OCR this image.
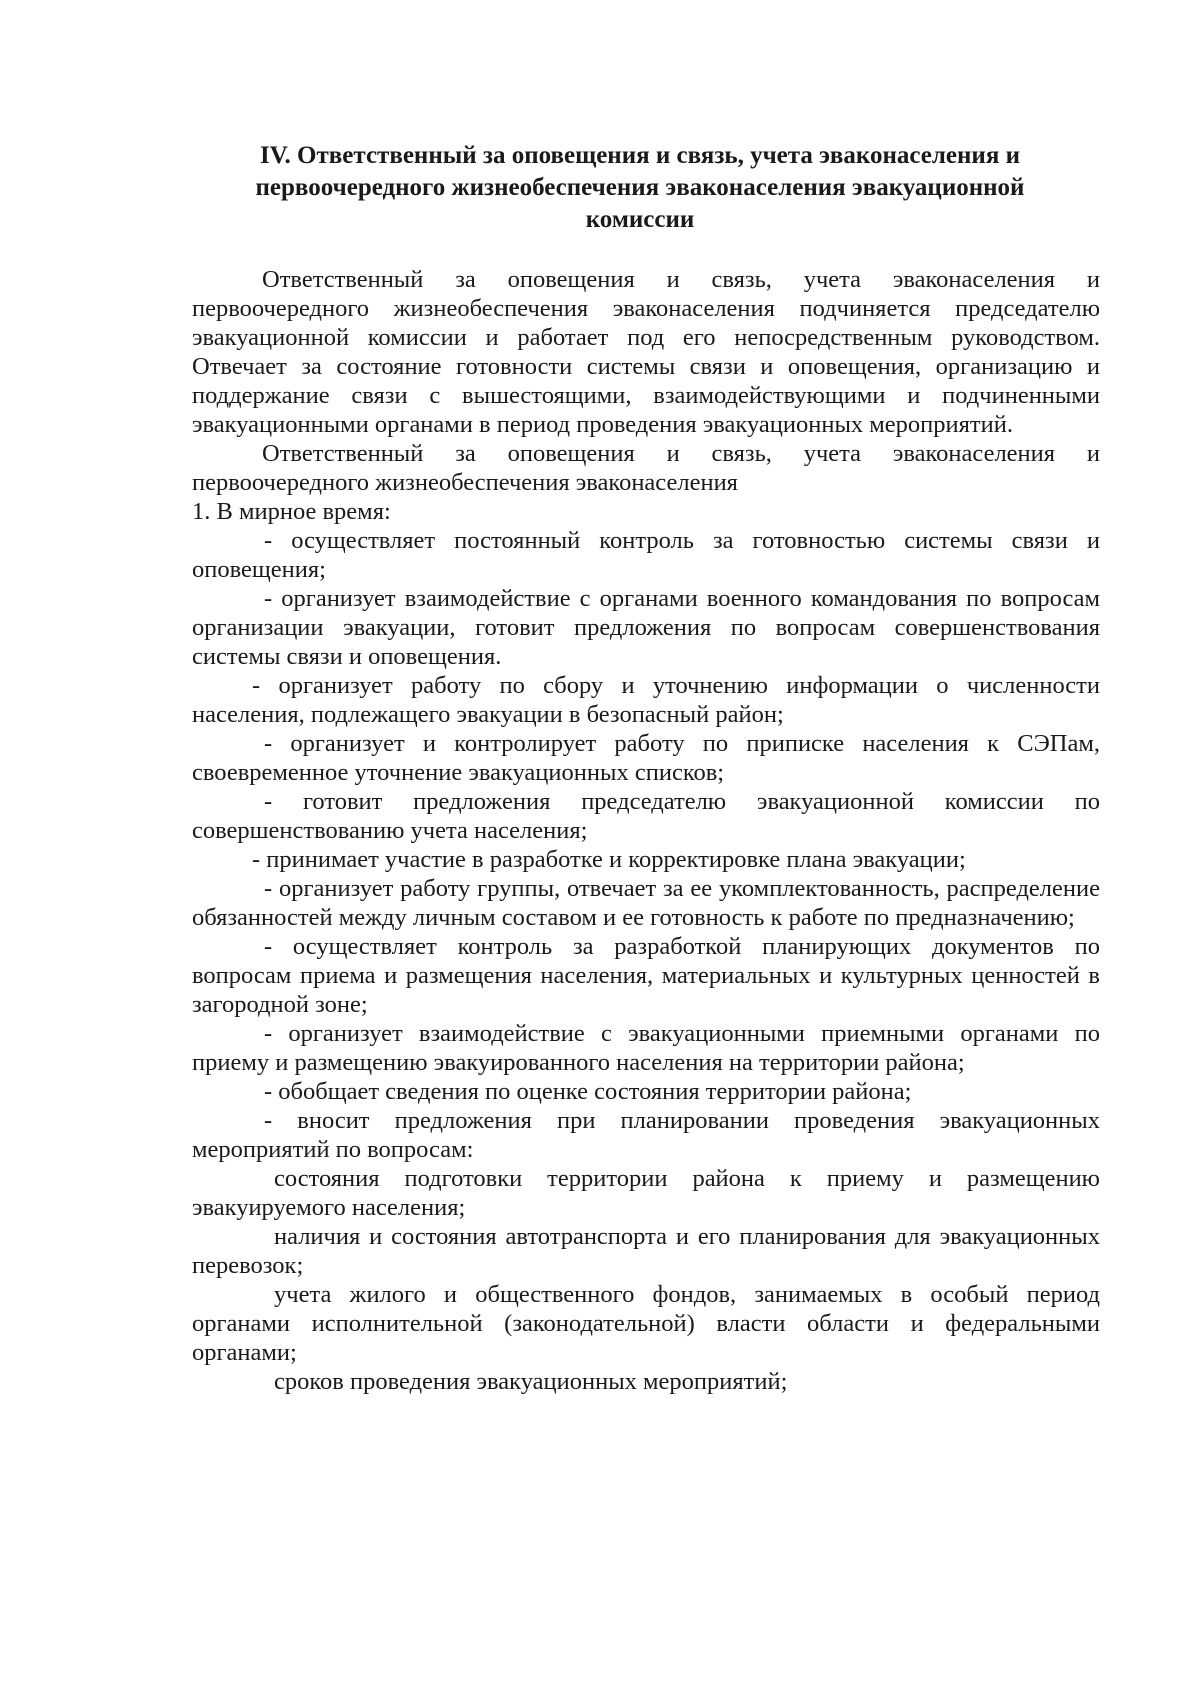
IV. Ответственный за оповещения и связь, учета эваконаселения и
первоочередного жизнеобеспечения эваконаселения эвакуационной
комиссии

Ответственный за оповещения и связь, учета эваконаселения и первоочередного жизнеобеспечения эваконаселения подчиняется председателю эвакуационной комиссии и работает под его непосредственным руководством. Отвечает за состояние готовности системы связи и оповещения, организацию и поддержание связи с вышестоящими, взаимодействующими и подчиненными эвакуационными органами в период проведения эвакуационных мероприятий.

Ответственный за оповещения и связь, учета эваконаселения и первоочередного жизнеобеспечения эваконаселения

1. В мирное время:

- осуществляет постоянный контроль за готовностью системы связи и оповещения;

- организует взаимодействие с органами военного командования по вопросам организации эвакуации, готовит предложения по вопросам совершенствования системы связи и оповещения.

- организует работу по сбору и уточнению информации о численности населения, подлежащего эвакуации в безопасный район;

- организует и контролирует работу по приписке населения к СЭПам, своевременное уточнение эвакуационных списков;

- готовит предложения председателю эвакуационной комиссии по совершенствованию учета населения;

- принимает участие в разработке и корректировке плана эвакуации;

- организует работу группы, отвечает за ее укомплектованность, распределение обязанностей между личным составом и ее готовность к работе по предназначению;

- осуществляет контроль за разработкой планирующих документов по вопросам приема и размещения населения, материальных и культурных ценностей в загородной зоне;

- организует взаимодействие с эвакуационными приемными органами по приему и размещению эвакуированного населения на территории района;

- обобщает сведения по оценке состояния территории района;

- вносит предложения при планировании проведения эвакуационных мероприятий по вопросам:

состояния подготовки территории района к приему и размещению эвакуируемого населения;

наличия и состояния автотранспорта и его планирования для эвакуационных перевозок;

учета жилого и общественного фондов, занимаемых в особый период органами исполнительной (законодательной) власти области и федеральными органами;

сроков проведения эвакуационных мероприятий;
